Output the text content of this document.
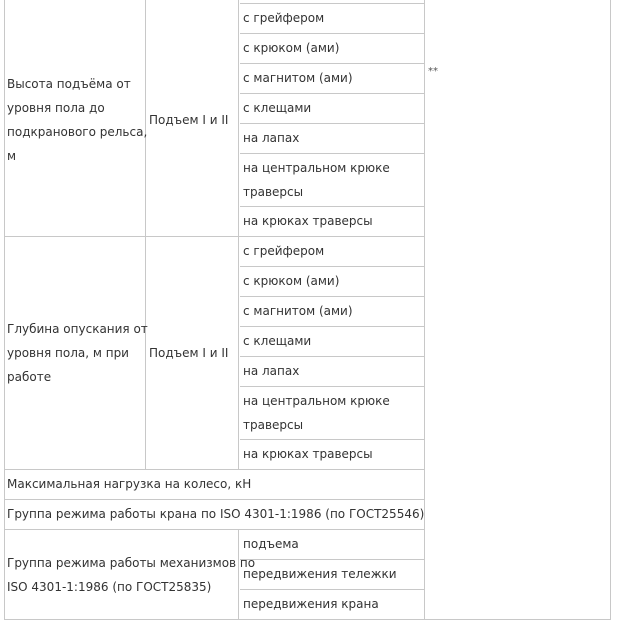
Высота подъёма от
уровня пола до
подкранового рельса,
м
Подъем I и II
с грейфером
с крюком (ами)
с магнитом (ами)
с клещами
на лапах
на центральном крюке
траверсы
на крюках траверсы
**
Глубина опускания от
уровня пола, м при
работе
Подъем I и II
с грейфером
с крюком (ами)
с магнитом (ами)
с клещами
на лапах
на центральном крюке
траверсы
на крюках траверсы
Максимальная нагрузка на колесо, кН
Группа режима работы крана по ISO 4301-1:1986 (по ГОСТ25546)
Группа режима работы механизмов по
ISO 4301-1:1986 (по ГОСТ25835)
подъема
передвижения тележки
передвижения крана
